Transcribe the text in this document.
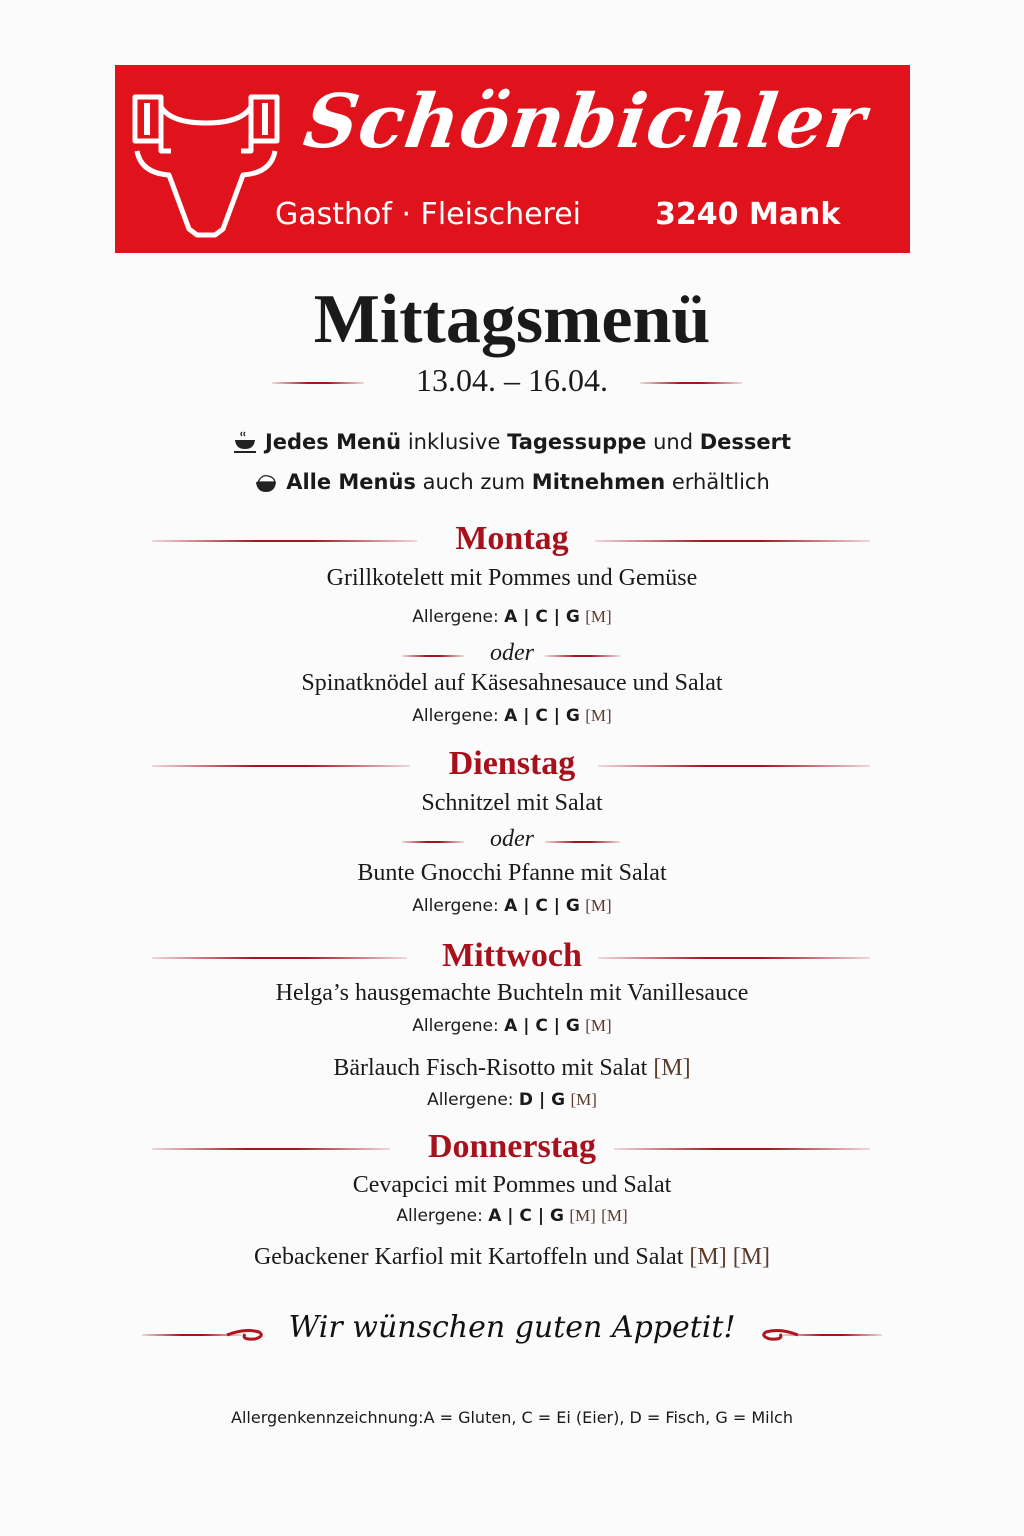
Schönbichler
Gasthof · Fleischerei 3240 Mank
Mittagsmenü
13.04. – 16.04.
Jedes Menü inklusive Tagessuppe und Dessert
Alle Menüs auch zum Mitnehmen erhältlich
Montag
Grillkotelett mit Pommes und Gemüse
Allergene: A | C | G [M]
Spinatknödel auf Käsesahnesauce und Salat
Allergene: A | C | G [M]
oder
Dienstag
Schnitzel mit Salat
Bunte Gnocchi Pfanne mit Salat
Allergene: A | C | G [M]
oder
Mittwoch
Helga’s hausgemachte Buchteln mit Vanillesauce
Allergene: A | C | G [M]
Bärlauch Fisch-Risotto mit Salat [M]
Allergene: D | G [M]
Donnerstag
Cevapcici mit Pommes und Salat
Allergene: A | C | G [M] [M]
Gebackener Karfiol mit Kartoffeln und Salat [M] [M]
Wir wünschen guten Appetit!
Allergenkennzeichnung:A = Gluten, C = Ei (Eier), D = Fisch, G = Milch
